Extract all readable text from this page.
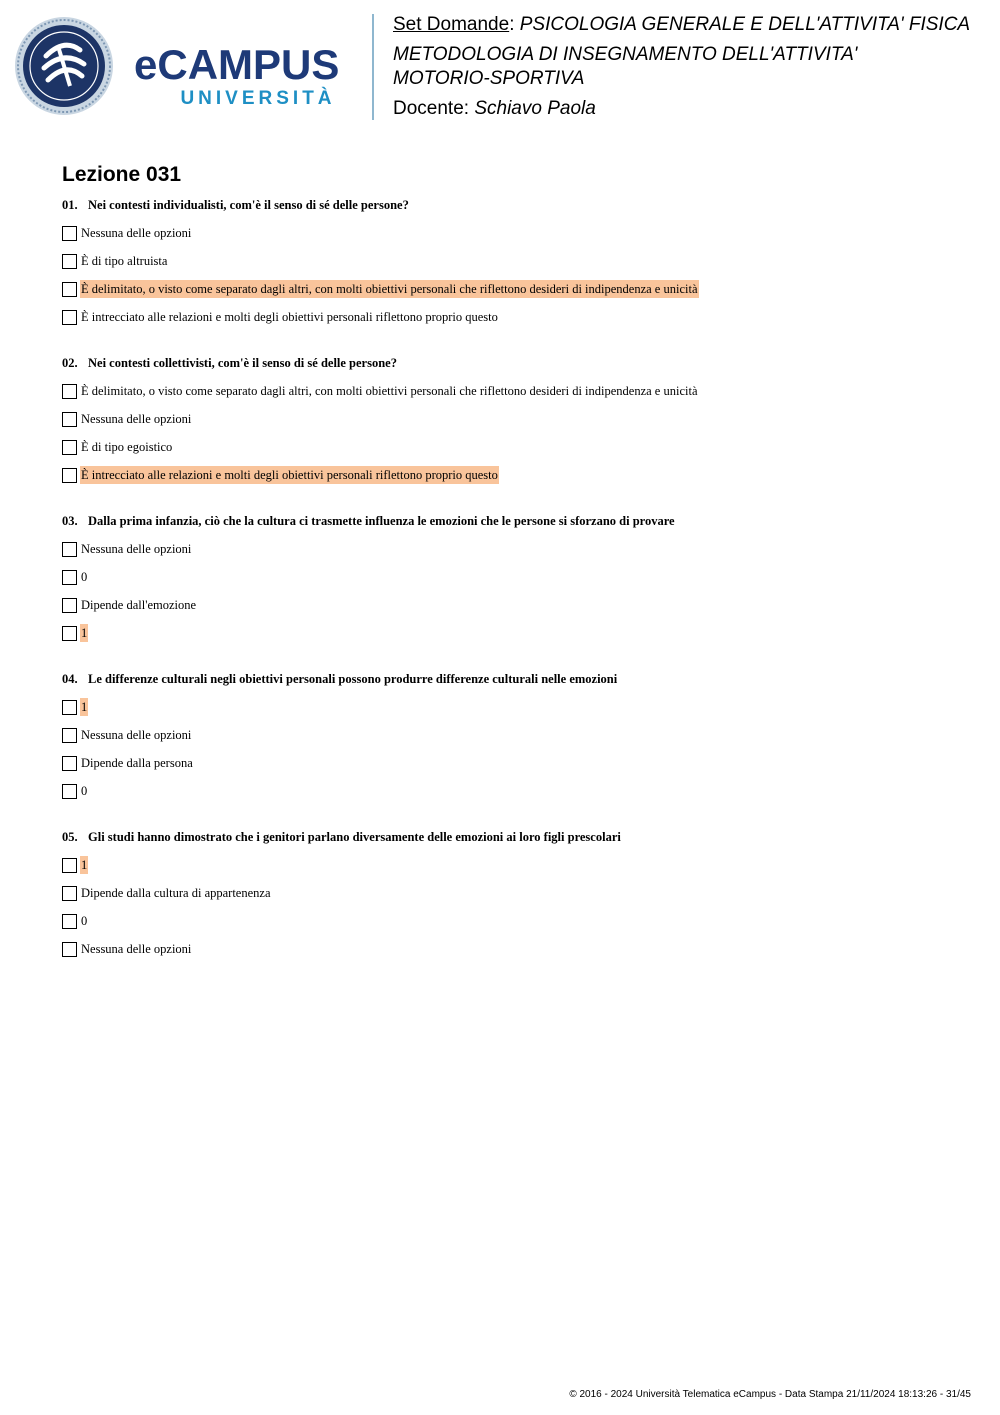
eCAMPUS
UNIVERSITÀ
Set Domande: PSICOLOGIA GENERALE E DELL'ATTIVITA' FISICA
METODOLOGIA DI INSEGNAMENTO DELL'ATTIVITA'
MOTORIO-SPORTIVA
Docente: Schiavo Paola
Lezione 031
01. Nei contesti individualisti, com'è il senso di sé delle persone?
Nessuna delle opzioni
È di tipo altruista
È delimitato, o visto come separato dagli altri, con molti obiettivi personali che riflettono desideri di indipendenza e unicità
È intrecciato alle relazioni e molti degli obiettivi personali riflettono proprio questo
02. Nei contesti collettivisti, com'è il senso di sé delle persone?
È delimitato, o visto come separato dagli altri, con molti obiettivi personali che riflettono desideri di indipendenza e unicità
Nessuna delle opzioni
È di tipo egoistico
È intrecciato alle relazioni e molti degli obiettivi personali riflettono proprio questo
03. Dalla prima infanzia, ciò che la cultura ci trasmette influenza le emozioni che le persone si sforzano di provare
Nessuna delle opzioni
0
Dipende dall'emozione
1
04. Le differenze culturali negli obiettivi personali possono produrre differenze culturali nelle emozioni
1
Nessuna delle opzioni
Dipende dalla persona
0
05. Gli studi hanno dimostrato che i genitori parlano diversamente delle emozioni ai loro figli prescolari
1
Dipende dalla cultura di appartenenza
0
Nessuna delle opzioni
© 2016 - 2024 Università Telematica eCampus - Data Stampa 21/11/2024 18:13:26 - 31/45
